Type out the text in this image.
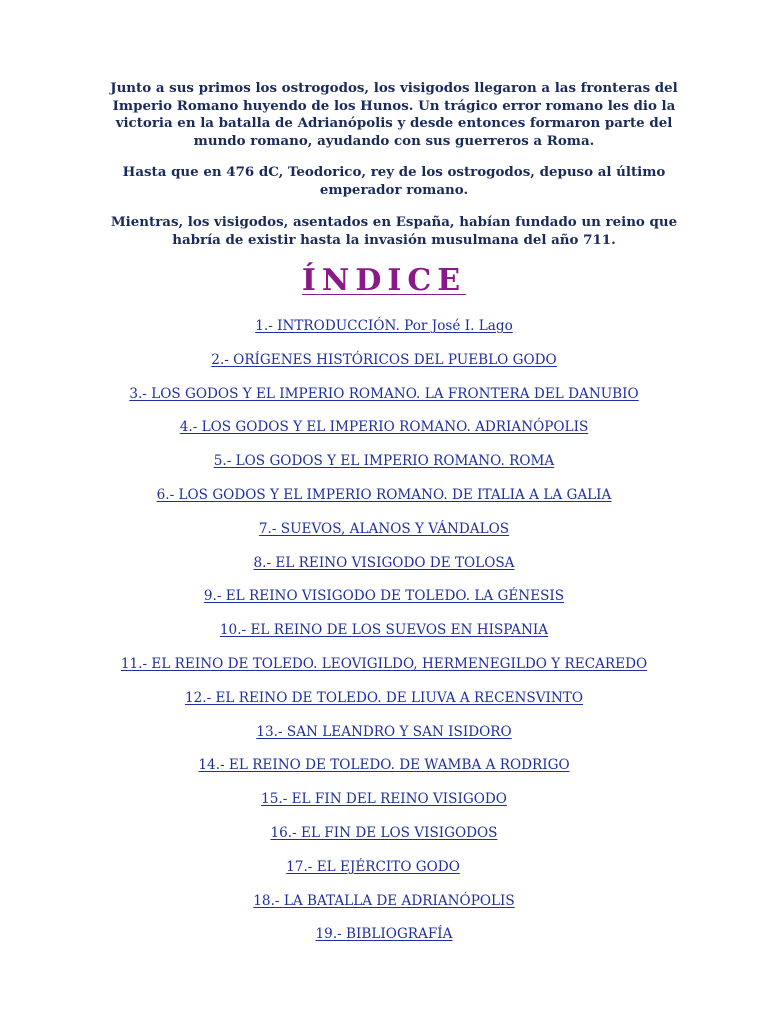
Junto a sus primos los ostrogodos, los visigodos llegaron a las fronteras del Imperio Romano huyendo de los Hunos. Un trágico error romano les dio la victoria en la batalla de Adrianópolis y desde entonces formaron parte del mundo romano, ayudando con sus guerreros a Roma.

Hasta que en 476 dC, Teodorico, rey de los ostrogodos, depuso al último emperador romano.

Mientras, los visigodos, asentados en España, habían fundado un reino que habría de existir hasta la invasión musulmana del año 711.

ÍNDICE
1.- INTRODUCCIÓN. Por José I. Lago
2.- ORÍGENES HISTÓRICOS DEL PUEBLO GODO
3.- LOS GODOS Y EL IMPERIO ROMANO. LA FRONTERA DEL DANUBIO
4.- LOS GODOS Y EL IMPERIO ROMANO. ADRIANÓPOLIS
5.- LOS GODOS Y EL IMPERIO ROMANO. ROMA
6.- LOS GODOS Y EL IMPERIO ROMANO. DE ITALIA A LA GALIA
7.- SUEVOS, ALANOS Y VÁNDALOS
8.- EL REINO VISIGODO DE TOLOSA
9.- EL REINO VISIGODO DE TOLEDO. LA GÉNESIS
10.- EL REINO DE LOS SUEVOS EN HISPANIA
11.- EL REINO DE TOLEDO. LEOVIGILDO, HERMENEGILDO Y RECAREDO
12.- EL REINO DE TOLEDO. DE LIUVA A RECENSVINTO
13.- SAN LEANDRO Y SAN ISIDORO
14.- EL REINO DE TOLEDO. DE WAMBA A RODRIGO
15.- EL FIN DEL REINO VISIGODO
16.- EL FIN DE LOS VISIGODOS
17.- EL EJÉRCITO GODO
18.- LA BATALLA DE ADRIANÓPOLIS
19.- BIBLIOGRAFÍA
